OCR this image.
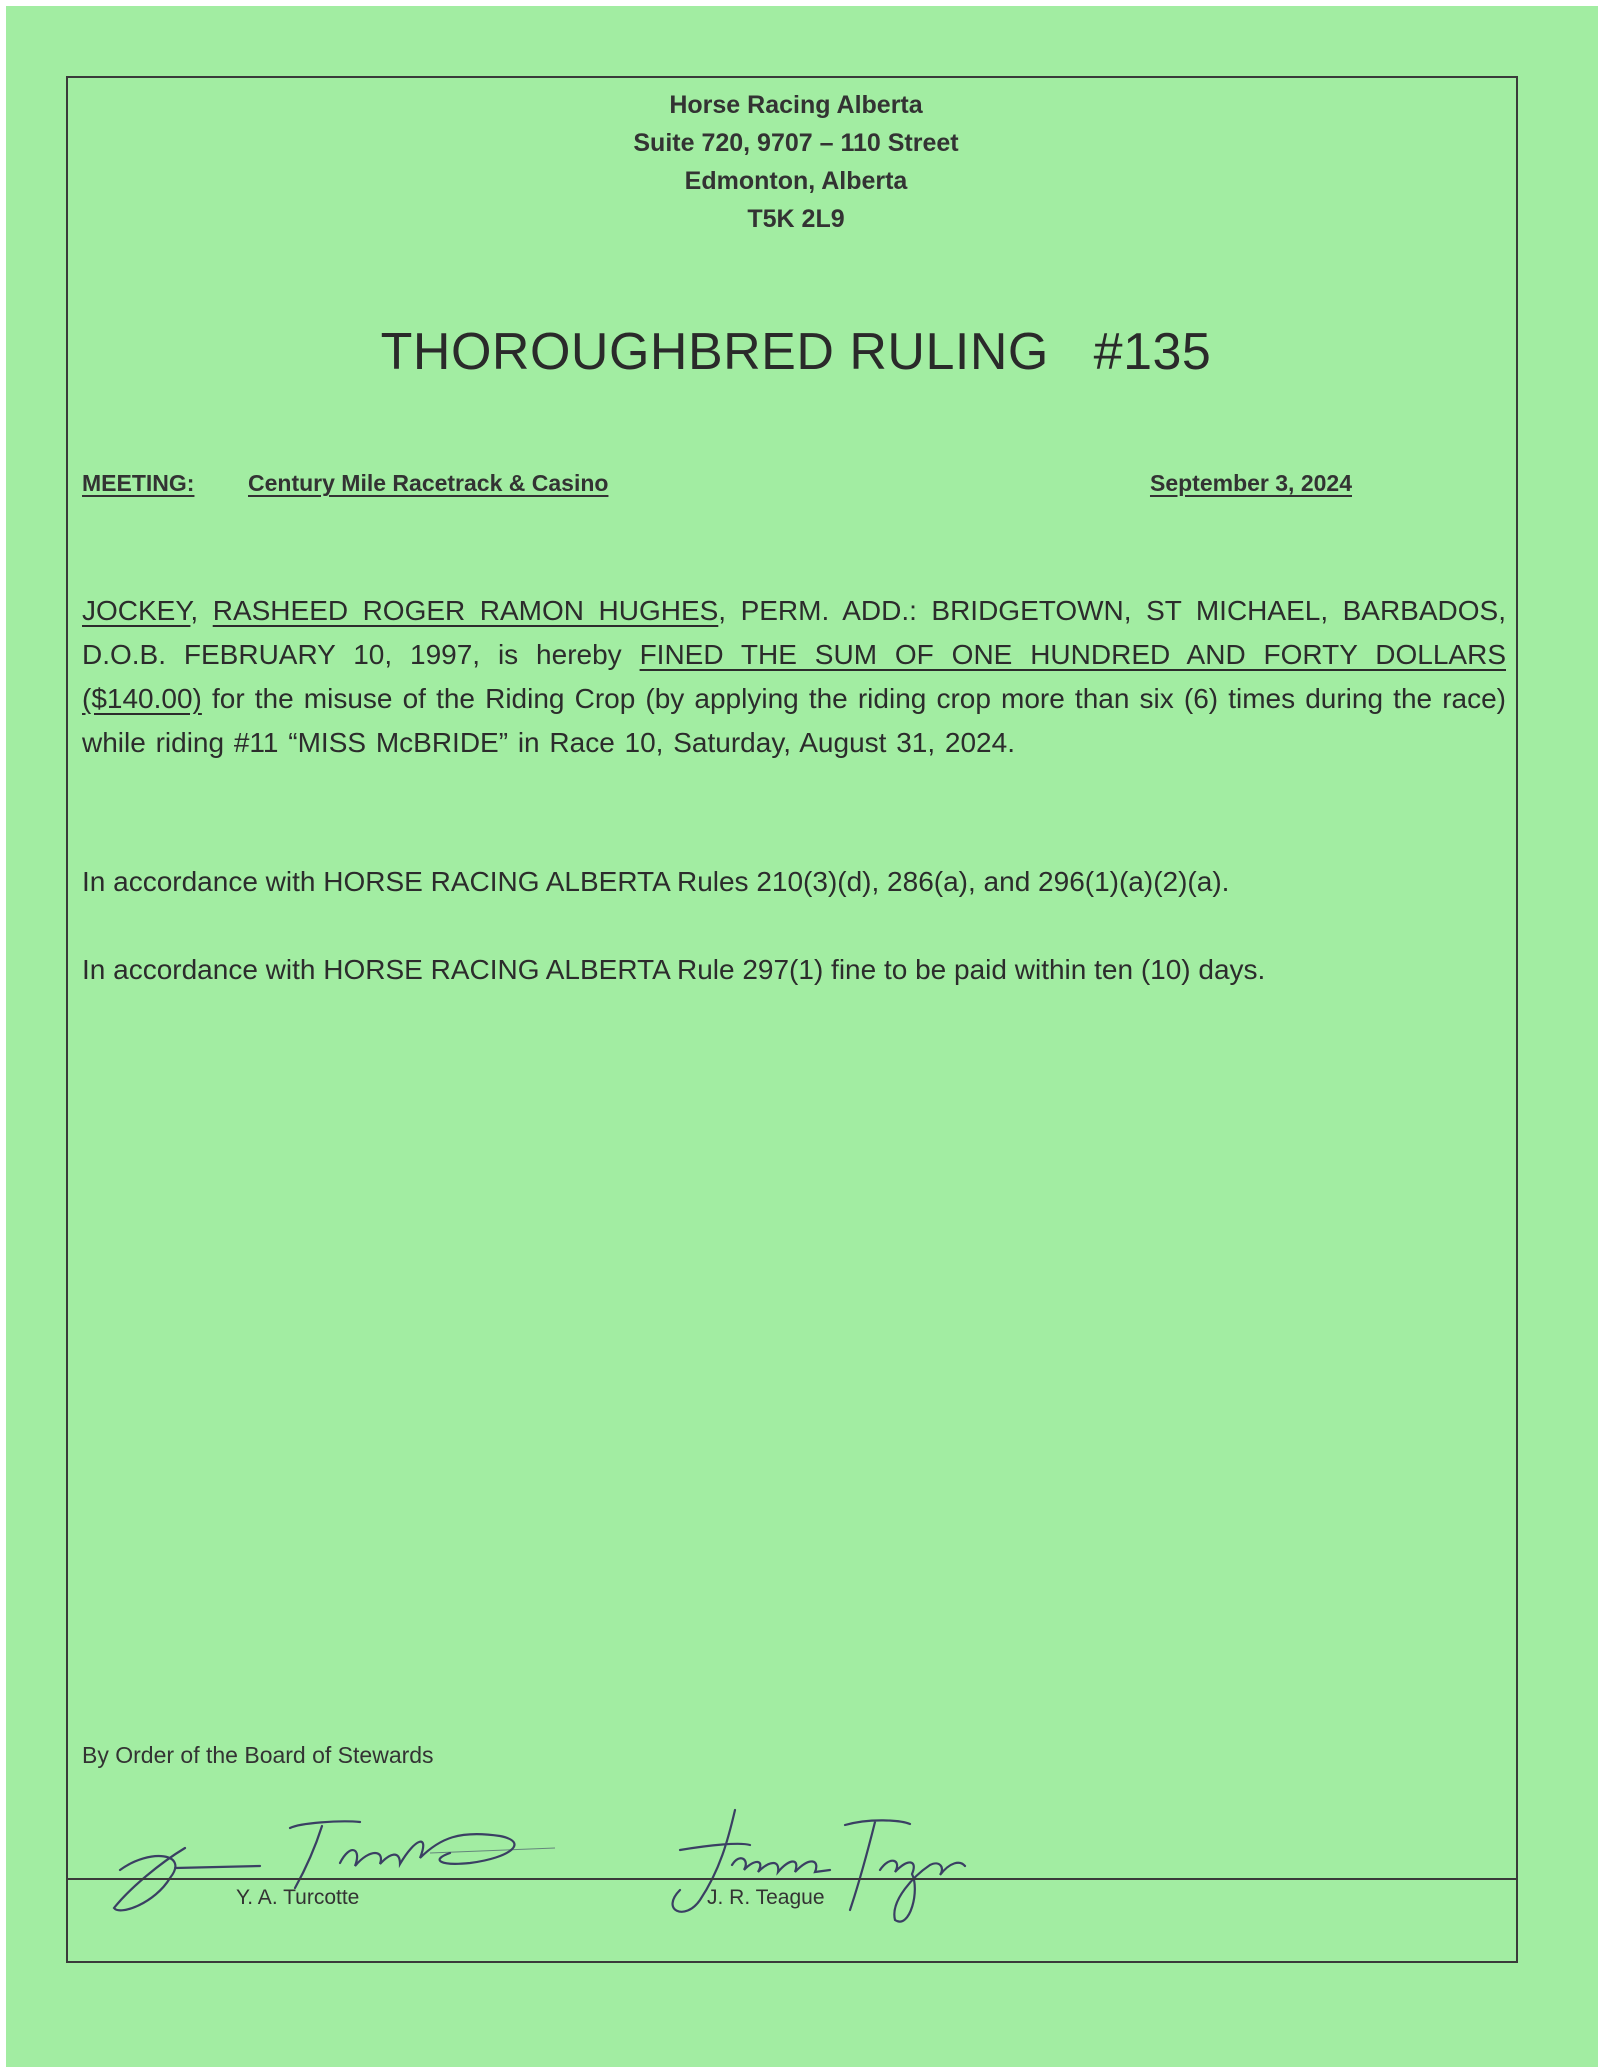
Horse Racing Alberta
Suite 720, 9707 – 110 Street
Edmonton, Alberta
T5K 2L9
THOROUGHBRED RULING   #135
MEETING: Century Mile Racetrack & Casino	September 3, 2024
JOCKEY, RASHEED ROGER RAMON HUGHES, PERM. ADD.: BRIDGETOWN, ST MICHAEL, BARBADOS, D.O.B. FEBRUARY 10, 1997, is hereby FINED THE SUM OF ONE HUNDRED AND FORTY DOLLARS ($140.00) for the misuse of the Riding Crop (by applying the riding crop more than six (6) times during the race) while riding #11 “MISS McBRIDE” in Race 10, Saturday, August 31, 2024.
In accordance with HORSE RACING ALBERTA Rules 210(3)(d), 286(a), and 296(1)(a)(2)(a).
In accordance with HORSE RACING ALBERTA Rule 297(1) fine to be paid within ten (10) days.
By Order of the Board of Stewards
Y. A. Turcotte	J. R. Teague
